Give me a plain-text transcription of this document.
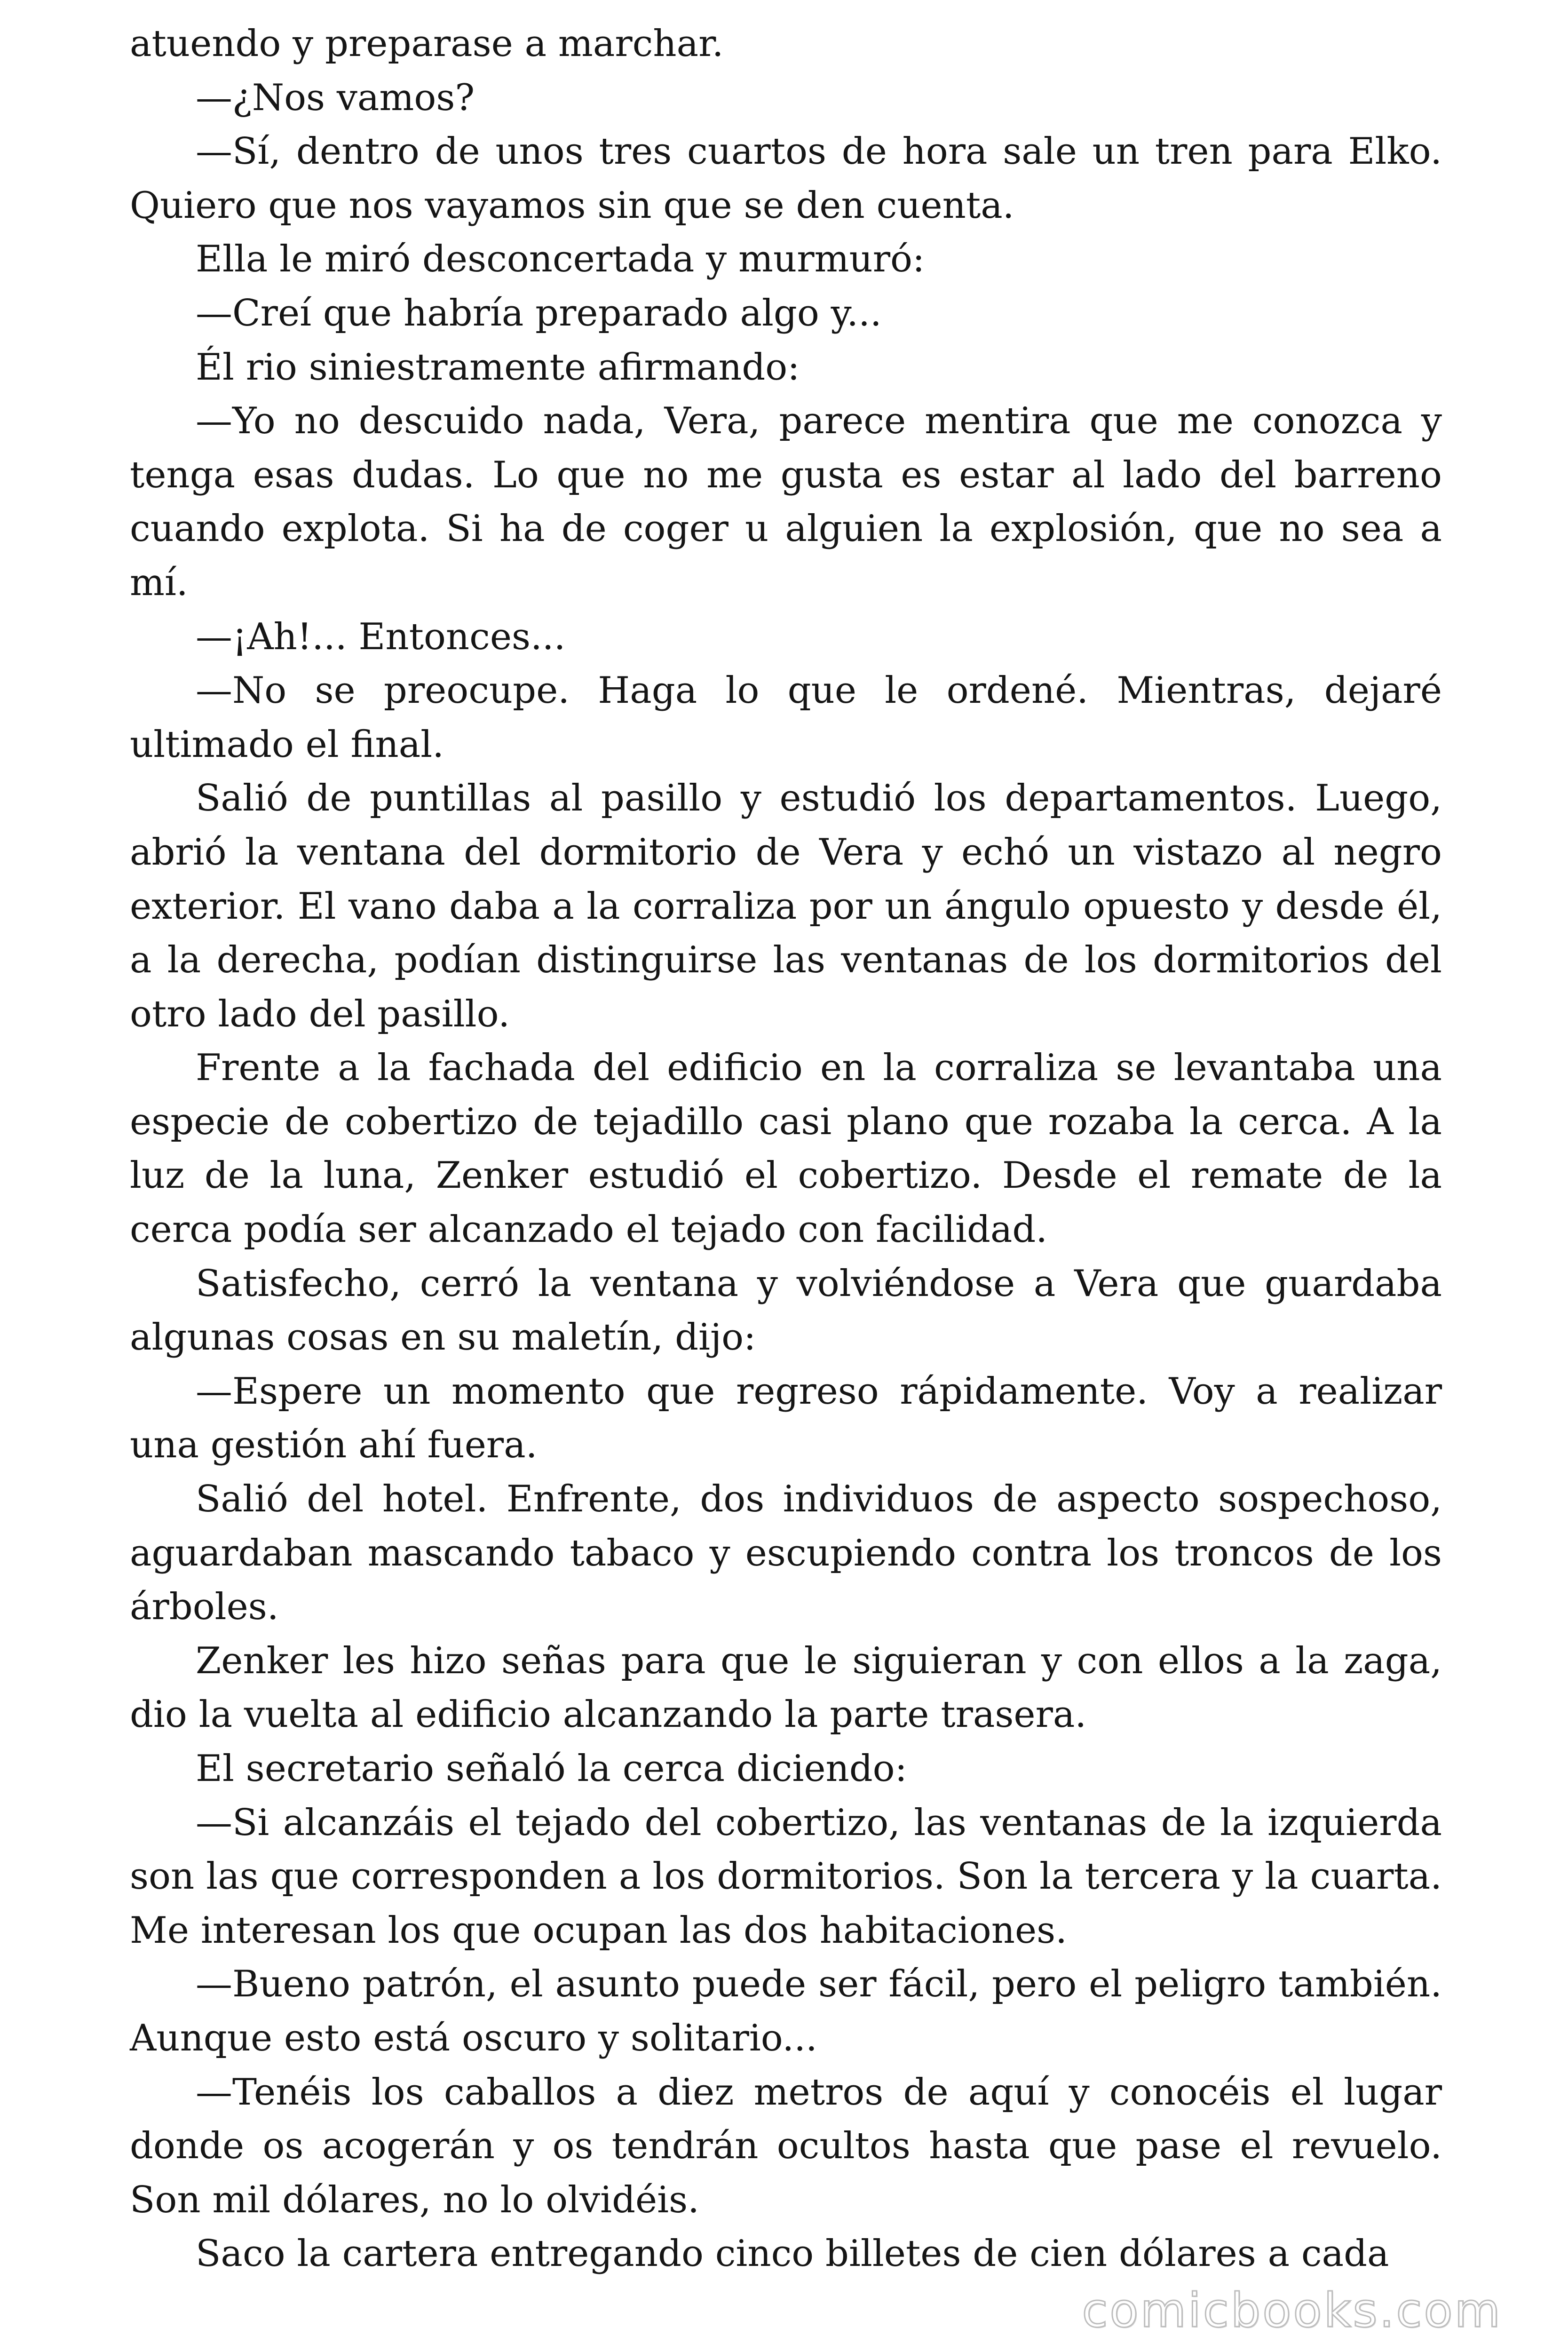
atuendo y preparase a marchar.

—¿Nos vamos?

—Sí, dentro de unos tres cuartos de hora sale un tren para Elko. Quiero que nos vayamos sin que se den cuenta.

Ella le miró desconcertada y murmuró:

—Creí que habría preparado algo y...

Él rio siniestramente afirmando:

—Yo no descuido nada, Vera, parece mentira que me conozca y tenga esas dudas. Lo que no me gusta es estar al lado del barreno cuando explota. Si ha de coger u alguien la explosión, que no sea a mí.

—¡Ah!... Entonces...

—No se preocupe. Haga lo que le ordené. Mientras, dejaré ultimado el final.

Salió de puntillas al pasillo y estudió los departamentos. Luego, abrió la ventana del dormitorio de Vera y echó un vistazo al negro exterior. El vano daba a la corraliza por un ángulo opuesto y desde él, a la derecha, podían distinguirse las ventanas de los dormitorios del otro lado del pasillo.

Frente a la fachada del edificio en la corraliza se levantaba una especie de cobertizo de tejadillo casi plano que rozaba la cerca. A la luz de la luna, Zenker estudió el cobertizo. Desde el remate de la cerca podía ser alcanzado el tejado con facilidad.

Satisfecho, cerró la ventana y volviéndose a Vera que guardaba algunas cosas en su maletín, dijo:

—Espere un momento que regreso rápidamente. Voy a realizar una gestión ahí fuera.

Salió del hotel. Enfrente, dos individuos de aspecto sospechoso, aguardaban mascando tabaco y escupiendo contra los troncos de los árboles.

Zenker les hizo señas para que le siguieran y con ellos a la zaga, dio la vuelta al edificio alcanzando la parte trasera.

El secretario señaló la cerca diciendo:

—Si alcanzáis el tejado del cobertizo, las ventanas de la izquierda son las que corresponden a los dormitorios. Son la tercera y la cuarta. Me interesan los que ocupan las dos habitaciones.

—Bueno patrón, el asunto puede ser fácil, pero el peligro también. Aunque esto está oscuro y solitario...

—Tenéis los caballos a diez metros de aquí y conocéis el lugar donde os acogerán y os tendrán ocultos hasta que pase el revuelo. Son mil dólares, no lo olvidéis.

Saco la cartera entregando cinco billetes de cien dólares a cada

comicbooks.com
